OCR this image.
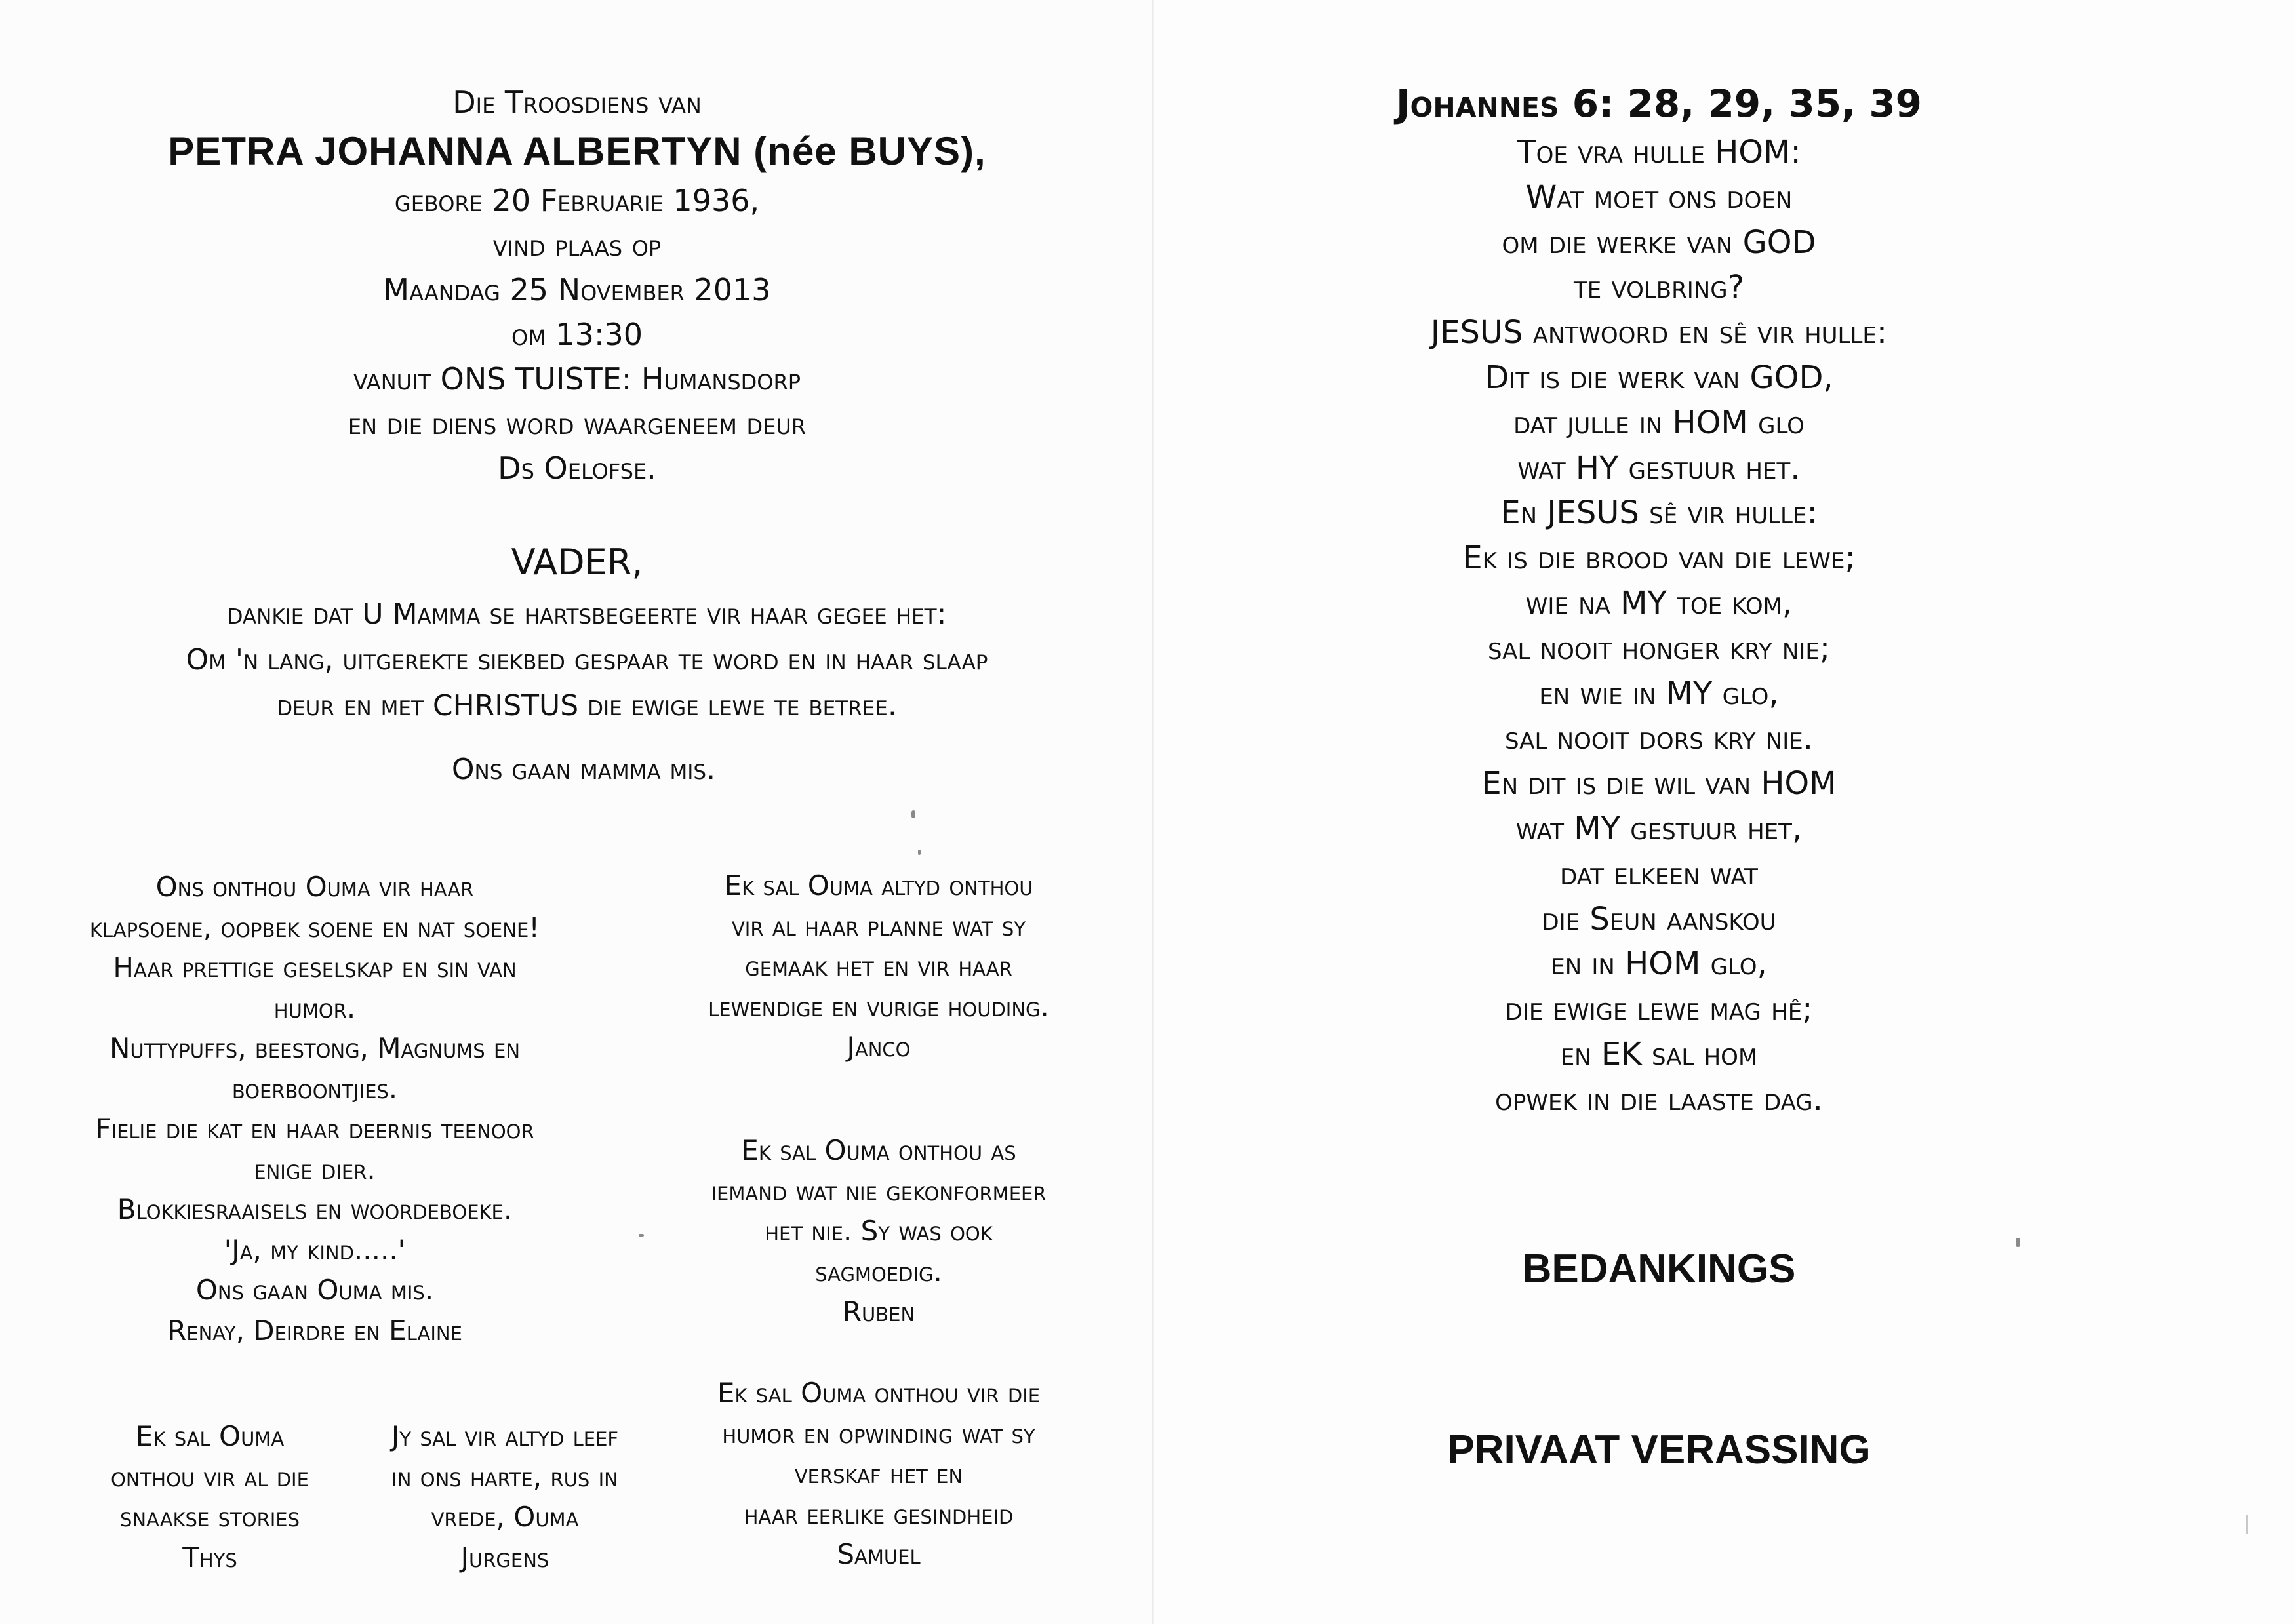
Die Troosdiens van
PETRA JOHANNA ALBERTYN (née BUYS),
gebore 20 Februarie 1936,
vind plaas op
Maandag 25 November 2013
om 13:30
vanuit ONS TUISTE: Humansdorp
en die diens word waargeneem deur
Ds Oelofse.
VADER,
dankie dat U Mamma se hartsbegeerte vir haar gegee het:
Om 'n lang, uitgerekte siekbed gespaar te word en in haar slaap
deur en met CHRISTUS die ewige lewe te betree.
Ons gaan mamma mis.
Ons onthou Ouma vir haar
klapsoene, oopbek soene en nat soene!
Haar prettige geselskap en sin van
humor.
Nuttypuffs, beestong, Magnums en
boerboontjies.
Fielie die kat en haar deernis teenoor
enige dier.
Blokkiesraaisels en woordeboeke.
'Ja, my kind.....'
Ons gaan Ouma mis.
Renay, Deirdre en Elaine
Ek sal Ouma altyd onthou
vir al haar planne wat sy
gemaak het en vir haar
lewendige en vurige houding.
Janco
Ek sal Ouma onthou as
iemand wat nie gekonformeer
het nie. Sy was ook
sagmoedig.
Ruben
Ek sal Ouma
onthou vir al die
snaakse stories
Thys
Jy sal vir altyd leef
in ons harte, rus in
vrede, Ouma
Jurgens
Ek sal Ouma onthou vir die
humor en opwinding wat sy
verskaf het en
haar eerlike gesindheid
Samuel
Johannes 6: 28, 29, 35, 39
Toe vra hulle HOM:
Wat moet ons doen
om die werke van GOD
te volbring?
JESUS antwoord en sê vir hulle:
Dit is die werk van GOD,
dat julle in HOM glo
wat HY gestuur het.
En JESUS sê vir hulle:
Ek is die brood van die lewe;
wie na MY toe kom,
sal nooit honger kry nie;
en wie in MY glo,
sal nooit dors kry nie.
En dit is die wil van HOM
wat MY gestuur het,
dat elkeen wat
die Seun aanskou
en in HOM glo,
die ewige lewe mag hê;
en EK sal hom
opwek in die laaste dag.
BEDANKINGS
PRIVAAT VERASSING
